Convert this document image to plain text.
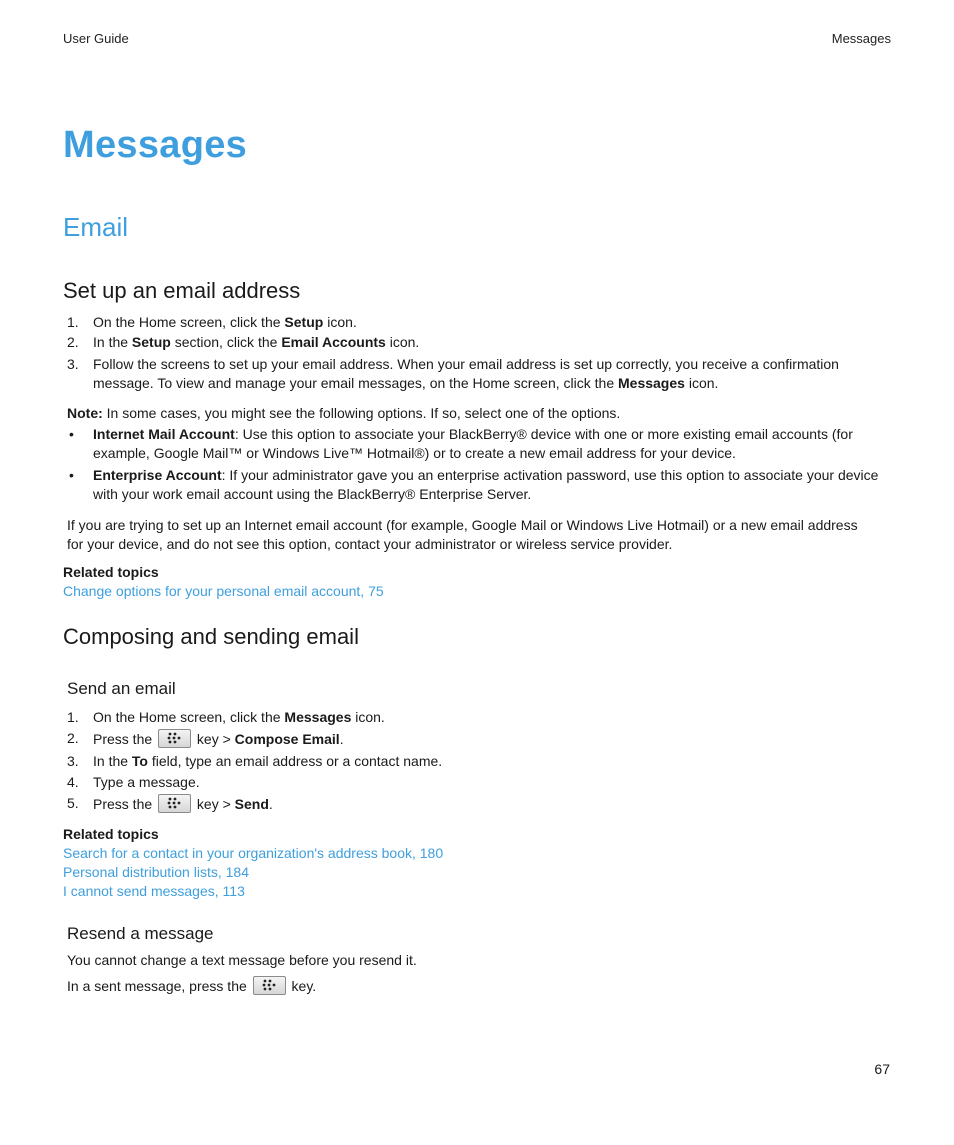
User Guide	Messages
Messages
Email
Set up an email address
1.	On the Home screen, click the Setup icon.
2.	In the Setup section, click the Email Accounts icon.
3.	Follow the screens to set up your email address. When your email address is set up correctly, you receive a confirmation message. To view and manage your email messages, on the Home screen, click the Messages icon.
Note: In some cases, you might see the following options. If so, select one of the options.
• Internet Mail Account: Use this option to associate your BlackBerry® device with one or more existing email accounts (for example, Google Mail™ or Windows Live™ Hotmail®) or to create a new email address for your device.
• Enterprise Account: If your administrator gave you an enterprise activation password, use this option to associate your device with your work email account using the BlackBerry® Enterprise Server.
If you are trying to set up an Internet email account (for example, Google Mail or Windows Live Hotmail) or a new email address for your device, and do not see this option, contact your administrator or wireless service provider.
Related topics
Change options for your personal email account, 75
Composing and sending email
Send an email
1.	On the Home screen, click the Messages icon.
2.	Press the	key > Compose Email.
3.	In the To field, type an email address or a contact name.
4.	Type a message.
5.	Press the	key > Send.
Related topics
Search for a contact in your organization's address book, 180
Personal distribution lists, 184
I cannot send messages, 113
Resend a message
You cannot change a text message before you resend it.
In a sent message, press the	key.
67
